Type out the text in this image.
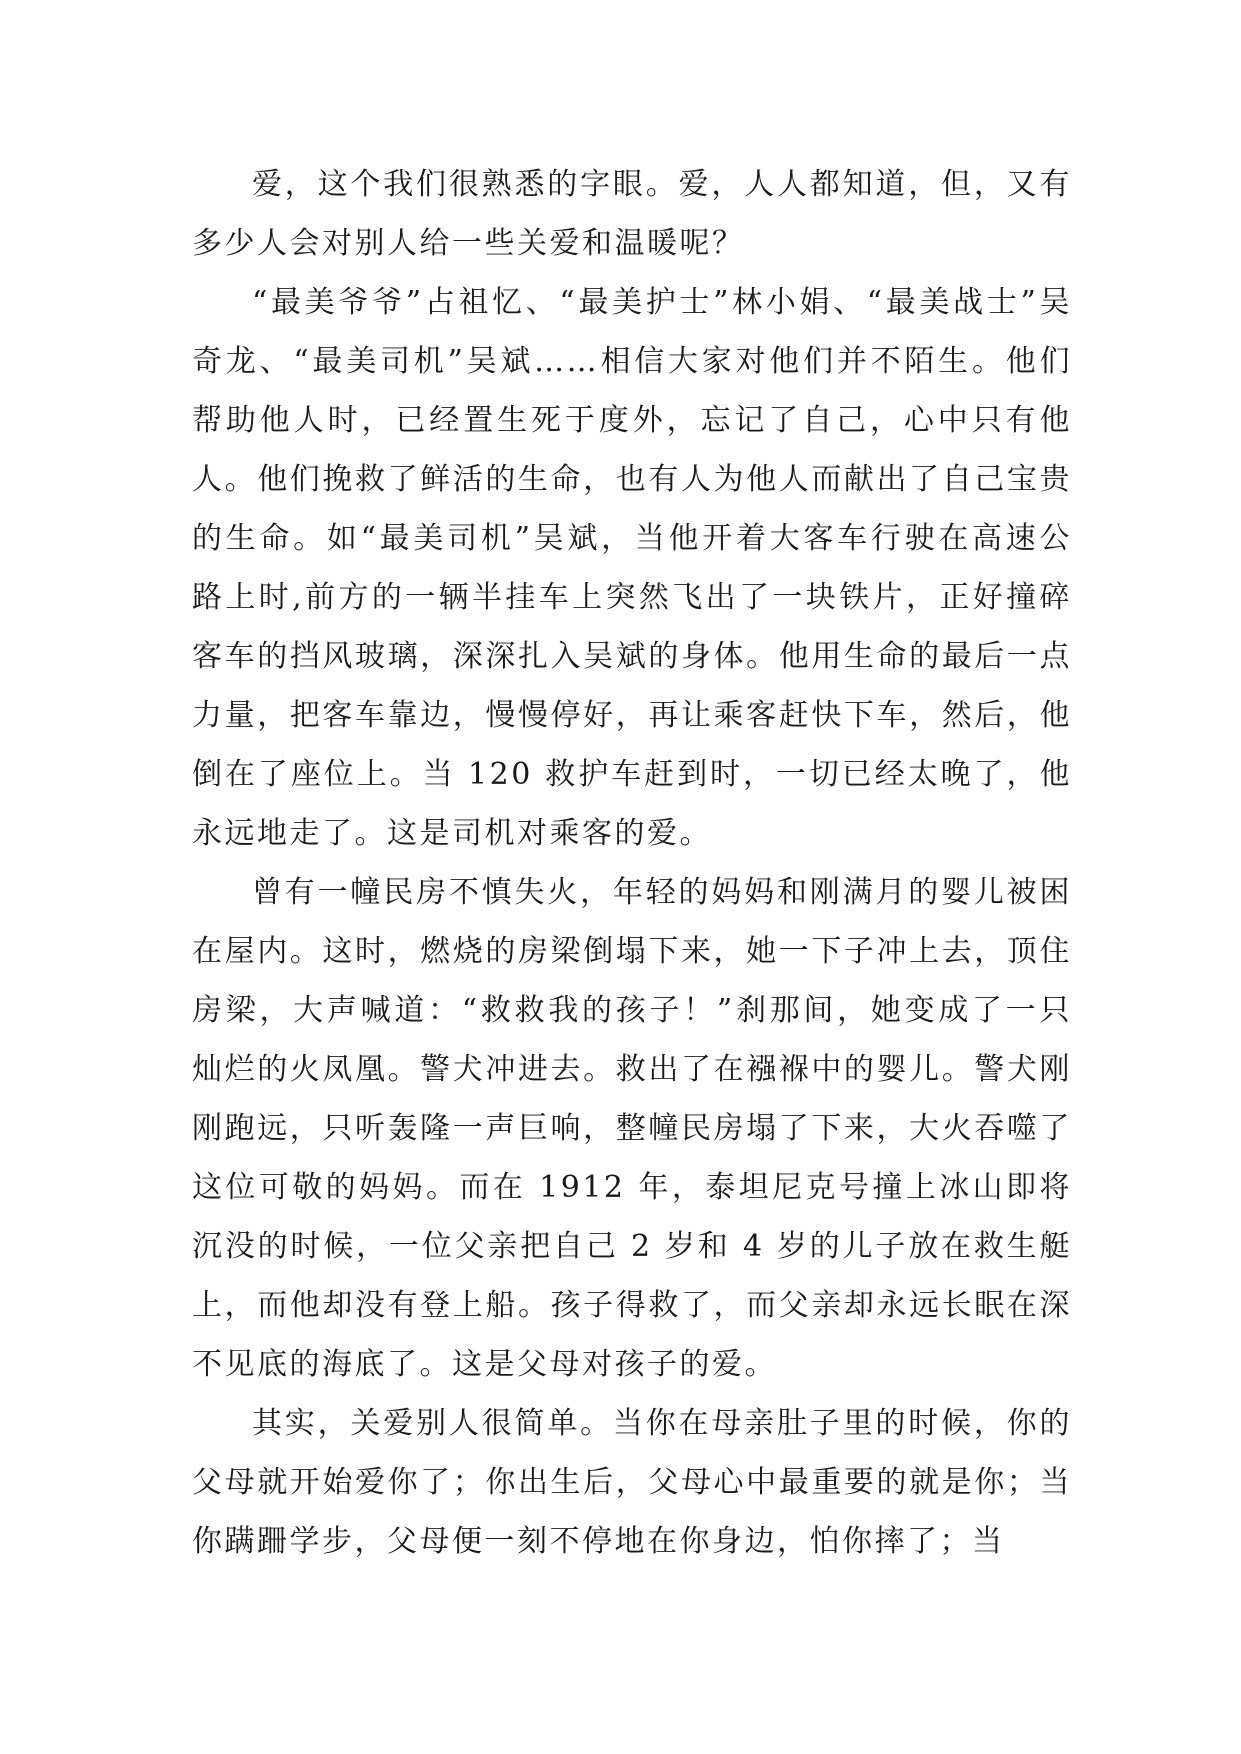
爱，这个我们很熟悉的字眼。爱，人人都知道，但，又有多少人会对别人给一些关爱和温暖呢？

“最美爷爷”占祖忆、“最美护士”林小娟、“最美战士”吴奇龙、“最美司机”吴斌……相信大家对他们并不陌生。他们帮助他人时，已经置生死于度外，忘记了自己，心中只有他人。他们挽救了鲜活的生命，也有人为他人而献出了自己宝贵的生命。如“最美司机”吴斌，当他开着大客车行驶在高速公路上时,前方的一辆半挂车上突然飞出了一块铁片，正好撞碎客车的挡风玻璃，深深扎入吴斌的身体。他用生命的最后一点力量，把客车靠边，慢慢停好，再让乘客赶快下车，然后，他倒在了座位上。当 120 救护车赶到时，一切已经太晚了，他永远地走了。这是司机对乘客的爱。

曾有一幢民房不慎失火，年轻的妈妈和刚满月的婴儿被困在屋内。这时，燃烧的房梁倒塌下来，她一下子冲上去，顶住房梁，大声喊道：“救救我的孩子！”刹那间，她变成了一只灿烂的火凤凰。警犬冲进去。救出了在襁褓中的婴儿。警犬刚刚跑远，只听轰隆一声巨响，整幢民房塌了下来，大火吞噬了这位可敬的妈妈。而在 1912 年，泰坦尼克号撞上冰山即将沉没的时候，一位父亲把自己 2 岁和 4 岁的儿子放在救生艇上，而他却没有登上船。孩子得救了，而父亲却永远长眠在深不见底的海底了。这是父母对孩子的爱。

其实，关爱别人很简单。当你在母亲肚子里的时候，你的父母就开始爱你了；你出生后，父母心中最重要的就是你；当你蹒跚学步，父母便一刻不停地在你身边，怕你摔了；当
